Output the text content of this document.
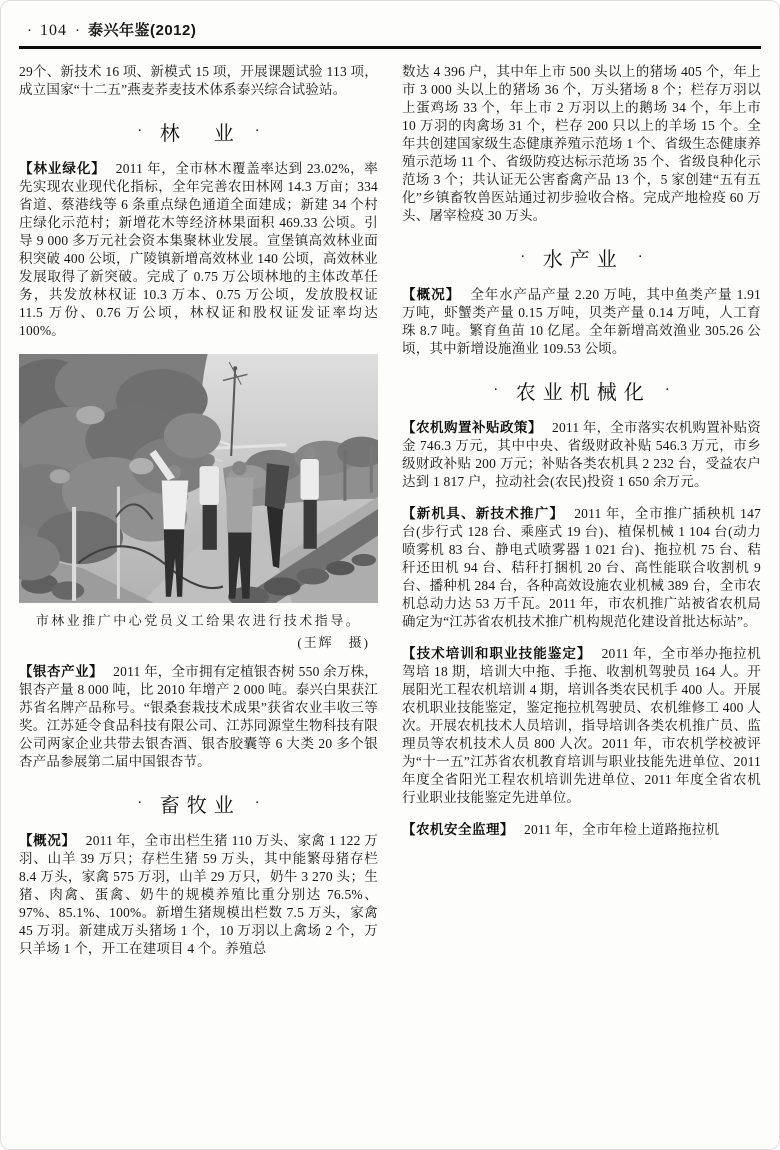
· 104 · 泰兴年鉴(2012)

29个、新技术 16 项、新模式 15 项，开展课题试验 113 项，成立国家“十二五”燕麦荞麦技术体系泰兴综合试验站。

· 林　业 ·

【林业绿化】 2011 年，全市林木覆盖率达到 23.02%，率先实现农业现代化指标，全年完善农田林网 14.3 万亩；334 省道、蔡港线等 6 条重点绿色通道全面建成；新建 34 个村庄绿化示范村；新增花木等经济林果面积 469.33 公顷。引导 9 000 多万元社会资本集聚林业发展。宣堡镇高效林业面积突破 400 公顷，广陵镇新增高效林业 140 公顷，高效林业发展取得了新突破。完成了 0.75 万公顷林地的主体改革任务，共发放林权证 10.3 万本、0.75 万公顷，发放股权证 11.5 万份、0.76 万公顷，林权证和股权证发证率均达 100%。

市林业推广中心党员义工给果农进行技术指导。
(王辉　摄)

【银杏产业】 2011 年，全市拥有定植银杏树 550 余万株，银杏产量 8 000 吨，比 2010 年增产 2 000 吨。泰兴白果获江苏省名牌产品称号。“银桑套栽技术成果”获省农业丰收三等奖。江苏延令食品科技有限公司、江苏同源堂生物科技有限公司两家企业共带去银杏酒、银杏胶囊等 6 大类 20 多个银杏产品参展第二届中国银杏节。

· 畜牧业 ·

【概况】 2011 年，全市出栏生猪 110 万头、家禽 1 122 万羽、山羊 39 万只；存栏生猪 59 万头，其中能繁母猪存栏 8.4 万头，家禽 575 万羽，山羊 29 万只，奶牛 3 270 头；生猪、肉禽、蛋禽、奶牛的规模养殖比重分别达 76.5%、97%、85.1%、100%。新增生猪规模出栏数 7.5 万头，家禽 45 万羽。新建成万头猪场 1 个，10 万羽以上禽场 2 个，万只羊场 1 个，开工在建项目 4 个。养殖总

数达 4 396 户，其中年上市 500 头以上的猪场 405 个，年上市 3 000 头以上的猪场 36 个，万头猪场 8 个；栏存万羽以上蛋鸡场 33 个，年上市 2 万羽以上的鹅场 34 个，年上市 10 万羽的肉禽场 31 个，栏存 200 只以上的羊场 15 个。全年共创建国家级生态健康养殖示范场 1 个、省级生态健康养殖示范场 11 个、省级防疫达标示范场 35 个、省级良种化示范场 3 个；共认证无公害畜禽产品 13 个，5 家创建“五有五化”乡镇畜牧兽医站通过初步验收合格。完成产地检疫 60 万头、屠宰检疫 30 万头。

· 水产业 ·

【概况】 全年水产品产量 2.20 万吨，其中鱼类产量 1.91 万吨，虾蟹类产量 0.15 万吨，贝类产量 0.14 万吨，人工育珠 8.7 吨。繁育鱼苗 10 亿尾。全年新增高效渔业 305.26 公顷，其中新增设施渔业 109.53 公顷。

· 农业机械化 ·

【农机购置补贴政策】 2011 年，全市落实农机购置补贴资金 746.3 万元，其中中央、省级财政补贴 546.3 万元，市乡级财政补贴 200 万元；补贴各类农机具 2 232 台，受益农户达到 1 817 户，拉动社会(农民)投资 1 650 余万元。

【新机具、新技术推广】 2011 年，全市推广插秧机 147 台(步行式 128 台、乘座式 19 台)、植保机械 1 104 台(动力喷雾机 83 台、静电式喷雾器 1 021 台)、拖拉机 75 台、秸秆还田机 94 台、秸秆打捆机 20 台、高性能联合收割机 9 台、播种机 284 台，各种高效设施农业机械 389 台，全市农机总动力达 53 万千瓦。2011 年，市农机推广站被省农机局确定为“江苏省农机技术推广机构规范化建设首批达标站”。

【技术培训和职业技能鉴定】 2011 年，全市举办拖拉机驾培 18 期，培训大中拖、手拖、收割机驾驶员 164 人。开展阳光工程农机培训 4 期，培训各类农民机手 400 人。开展农机职业技能鉴定，鉴定拖拉机驾驶员、农机维修工 400 人次。开展农机技术人员培训，指导培训各类农机推广员、监理员等农机技术人员 800 人次。2011 年，市农机学校被评为“十一五”江苏省农机教育培训与职业技能先进单位、2011 年度全省阳光工程农机培训先进单位、2011 年度全省农机行业职业技能鉴定先进单位。

【农机安全监理】 2011 年，全市年检上道路拖拉机
